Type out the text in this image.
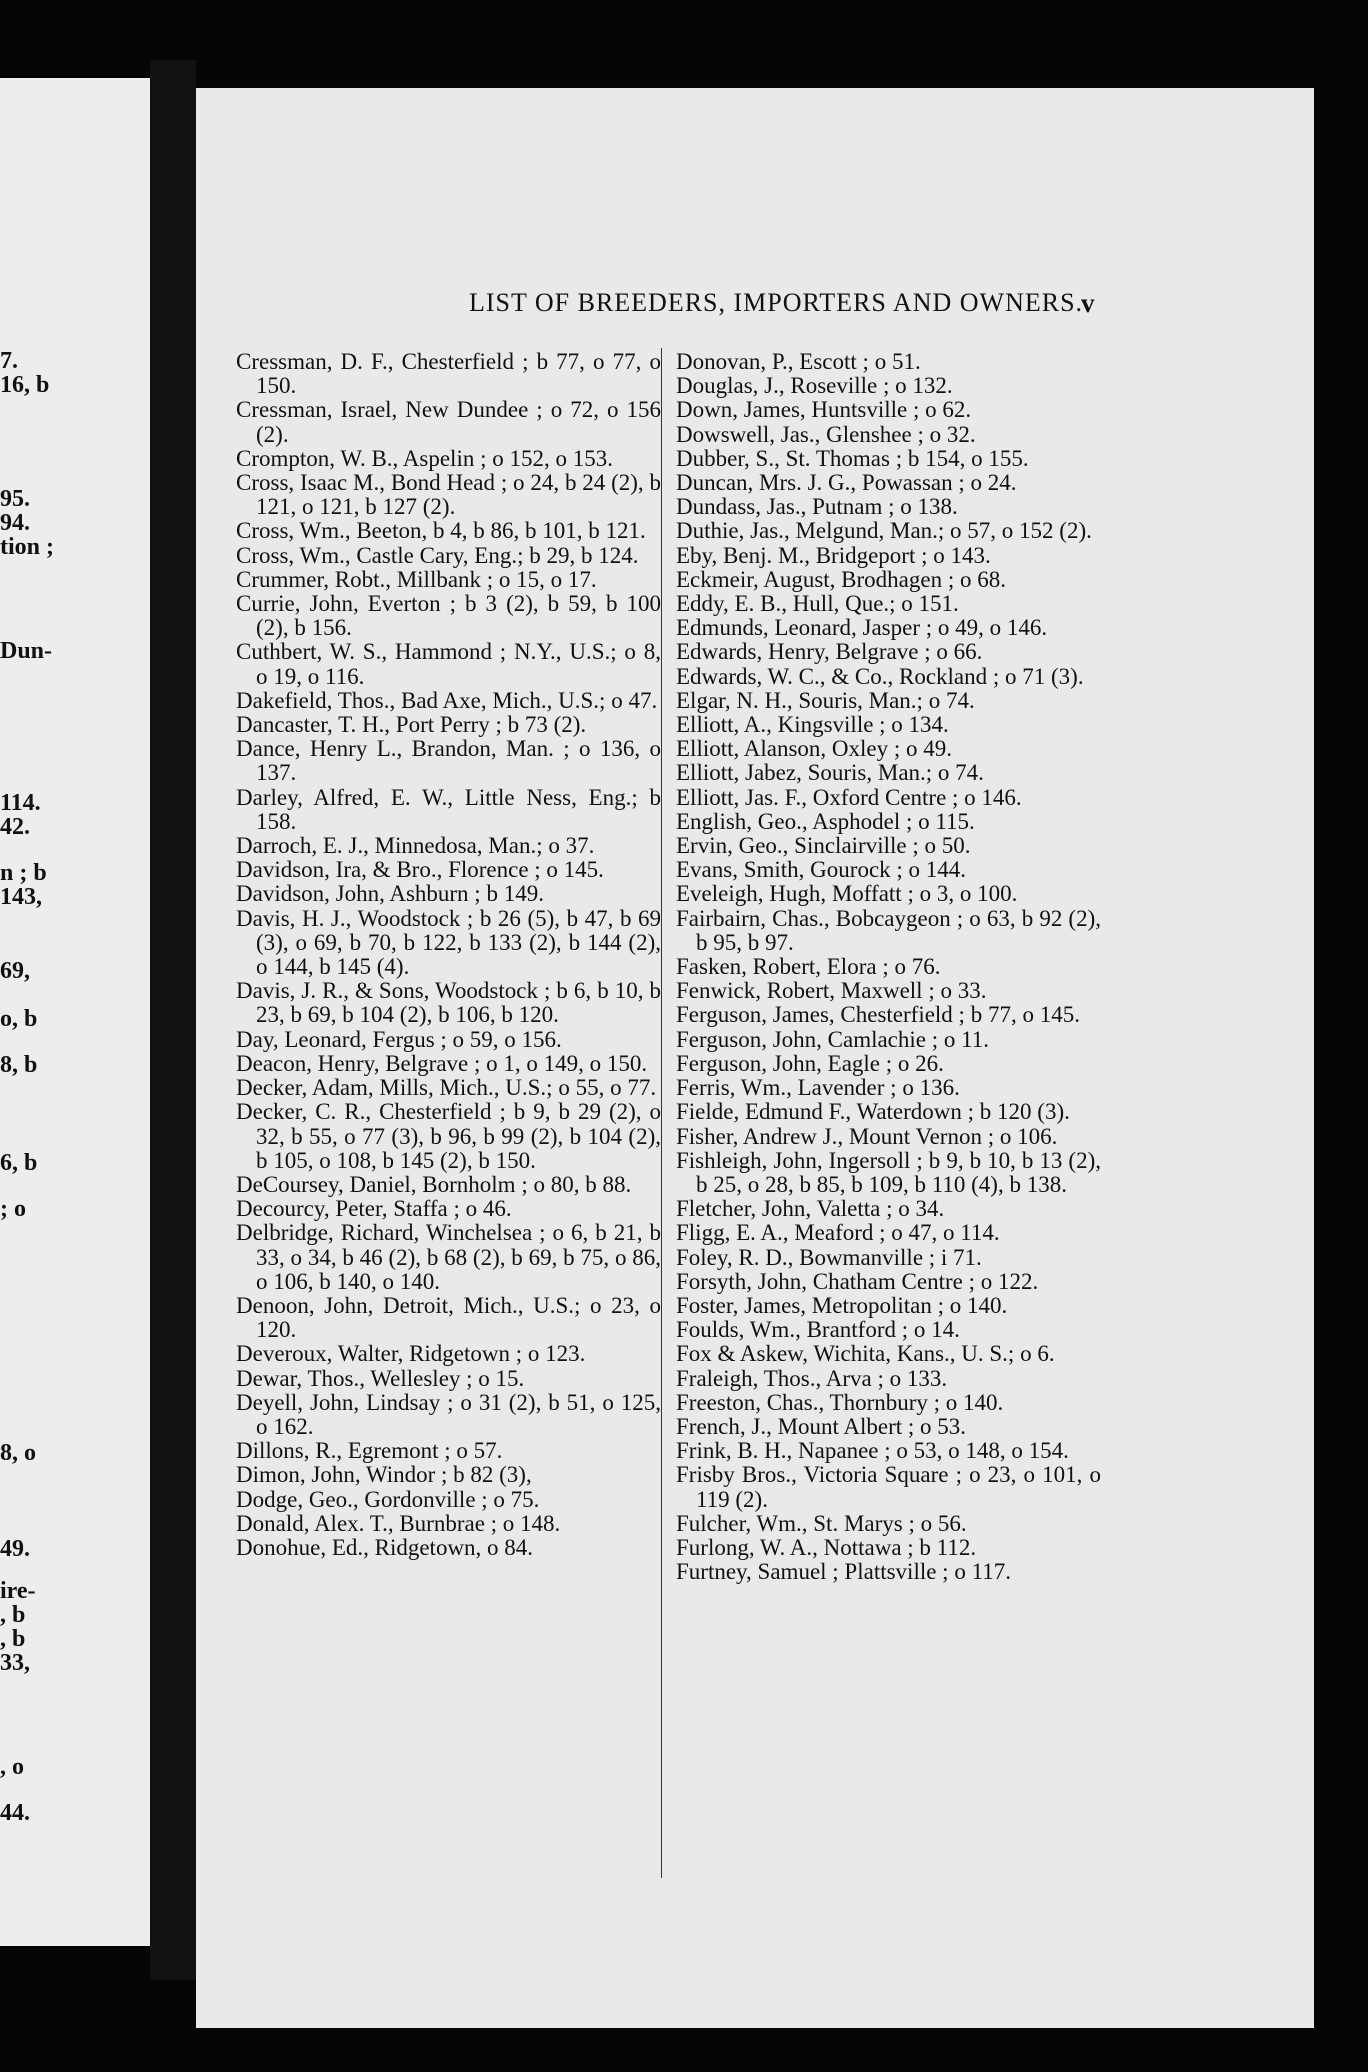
7.
16, b
95.
94.
tion ;
Dun-
114.
42.
n ; b
143,
69,
o, b
8, b
6, b
; o
8, o
49.
ire-
, b
, b
33,
, o
44.
LIST OF BREEDERS, IMPORTERS AND OWNERS.
v

Cressman, D. F., Chesterfield ; b 77, o 77, o 150.

Cressman, Israel, New Dundee ; o 72, o 156 (2).

Crompton, W. B., Aspelin ; o 152, o 153.

Cross, Isaac M., Bond Head ; o 24, b 24 (2), b 121, o 121, b 127 (2).

Cross, Wm., Beeton, b 4, b 86, b 101, b 121.

Cross, Wm., Castle Cary, Eng.; b 29, b 124.

Crummer, Robt., Millbank ; o 15, o 17.

Currie, John, Everton ; b 3 (2), b 59, b 100 (2), b 156.

Cuthbert, W. S., Hammond ; N.Y., U.S.; o 8, o 19, o 116.

Dakefield, Thos., Bad Axe, Mich., U.S.; o 47.

Dancaster, T. H., Port Perry ; b 73 (2).

Dance, Henry L., Brandon, Man. ; o 136, o 137.

Darley, Alfred, E. W., Little Ness, Eng.; b 158.

Darroch, E. J., Minnedosa, Man.; o 37.

Davidson, Ira, & Bro., Florence ; o 145.

Davidson, John, Ashburn ; b 149.

Davis, H. J., Woodstock ; b 26 (5), b 47, b 69 (3), o 69, b 70, b 122, b 133 (2), b 144 (2), o 144, b 145 (4).

Davis, J. R., & Sons, Woodstock ; b 6, b 10, b 23, b 69, b 104 (2), b 106, b 120.

Day, Leonard, Fergus ; o 59, o 156.

Deacon, Henry, Belgrave ; o 1, o 149, o 150.

Decker, Adam, Mills, Mich., U.S.; o 55, o 77.

Decker, C. R., Chesterfield ; b 9, b 29 (2), o 32, b 55, o 77 (3), b 96, b 99 (2), b 104 (2), b 105, o 108, b 145 (2), b 150.

DeCoursey, Daniel, Bornholm ; o 80, b 88.

Decourcy, Peter, Staffa ; o 46.

Delbridge, Richard, Winchelsea ; o 6, b 21, b 33, o 34, b 46 (2), b 68 (2), b 69, b 75, o 86, o 106, b 140, o 140.

Denoon, John, Detroit, Mich., U.S.; o 23, o 120.

Deveroux, Walter, Ridgetown ; o 123.

Dewar, Thos., Wellesley ; o 15.

Deyell, John, Lindsay ; o 31 (2), b 51, o 125, o 162.

Dillons, R., Egremont ; o 57.

Dimon, John, Windor ; b 82 (3),

Dodge, Geo., Gordonville ; o 75.

Donald, Alex. T., Burnbrae ; o 148.

Donohue, Ed., Ridgetown, o 84.

Donovan, P., Escott ; o 51.

Douglas, J., Roseville ; o 132.

Down, James, Huntsville ; o 62.

Dowswell, Jas., Glenshee ; o 32.

Dubber, S., St. Thomas ; b 154, o 155.

Duncan, Mrs. J. G., Powassan ; o 24.

Dundass, Jas., Putnam ; o 138.

Duthie, Jas., Melgund, Man.; o 57, o 152 (2).

Eby, Benj. M., Bridgeport ; o 143.

Eckmeir, August, Brodhagen ; o 68.

Eddy, E. B., Hull, Que.; o 151.

Edmunds, Leonard, Jasper ; o 49, o 146.

Edwards, Henry, Belgrave ; o 66.

Edwards, W. C., & Co., Rockland ; o 71 (3).

Elgar, N. H., Souris, Man.; o 74.

Elliott, A., Kingsville ; o 134.

Elliott, Alanson, Oxley ; o 49.

Elliott, Jabez, Souris, Man.; o 74.

Elliott, Jas. F., Oxford Centre ; o 146.

English, Geo., Asphodel ; o 115.

Ervin, Geo., Sinclairville ; o 50.

Evans, Smith, Gourock ; o 144.

Eveleigh, Hugh, Moffatt ; o 3, o 100.

Fairbairn, Chas., Bobcaygeon ; o 63, b 92 (2), b 95, b 97.

Fasken, Robert, Elora ; o 76.

Fenwick, Robert, Maxwell ; o 33.

Ferguson, James, Chesterfield ; b 77, o 145.

Ferguson, John, Camlachie ; o 11.

Ferguson, John, Eagle ; o 26.

Ferris, Wm., Lavender ; o 136.

Fielde, Edmund F., Waterdown ; b 120 (3).

Fisher, Andrew J., Mount Vernon ; o 106.

Fishleigh, John, Ingersoll ; b 9, b 10, b 13 (2), b 25, o 28, b 85, b 109, b 110 (4), b 138.

Fletcher, John, Valetta ; o 34.

Fligg, E. A., Meaford ; o 47, o 114.

Foley, R. D., Bowmanville ; i 71.

Forsyth, John, Chatham Centre ; o 122.

Foster, James, Metropolitan ; o 140.

Foulds, Wm., Brantford ; o 14.

Fox & Askew, Wichita, Kans., U. S.; o 6.

Fraleigh, Thos., Arva ; o 133.

Freeston, Chas., Thornbury ; o 140.

French, J., Mount Albert ; o 53.

Frink, B. H., Napanee ; o 53, o 148, o 154.

Frisby Bros., Victoria Square ; o 23, o 101, o 119 (2).

Fulcher, Wm., St. Marys ; o 56.

Furlong, W. A., Nottawa ; b 112.

Furtney, Samuel ; Plattsville ; o 117.
